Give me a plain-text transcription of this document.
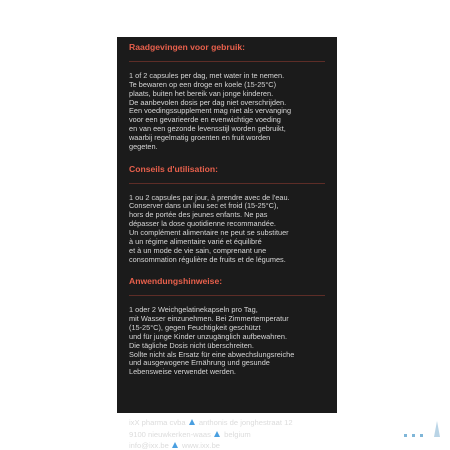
Raadgevingen voor gebruik:
1 of 2 capsules per dag, met water in te nemen.
Te bewaren op een droge en koele (15-25°C)
plaats, buiten het bereik van jonge kinderen.
De aanbevolen dosis per dag niet overschrijden.
Een voedingssupplement mag niet als vervanging
voor een gevarieerde en evenwichtige voeding
en van een gezonde levensstijl worden gebruikt,
waarbij regelmatig groenten en fruit worden
gegeten.
Conseils d'utilisation:
1 ou 2 capsules par jour, à prendre avec de l'eau.
Conserver dans un lieu sec et froid (15-25°C),
hors de portée des jeunes enfants. Ne pas
dépasser la dose quotidienne recommandée.
Un complément alimentaire ne peut se substituer
à un régime alimentaire varié et équilibré
et à un mode de vie sain, comprenant une
consommation régulière de fruits et de légumes.
Anwendungshinweise:
1 oder 2 Weichgelatinekapseln pro Tag,
mit Wasser einzunehmen. Bei Zimmertemperatur
(15-25°C), gegen Feuchtigkeit geschützt
und für junge Kinder unzugänglich aufbewahren.
Die tägliche Dosis nicht überschreiten.
Sollte nicht als Ersatz für eine abwechslungsreiche
und ausgewogene Ernährung und gesunde
Lebensweise verwendet werden.
ixX pharma cvba anthonis de jonghestraat 12
9100 nieuwkerken-waas belgium
info@ixx.be www.ixx.be
